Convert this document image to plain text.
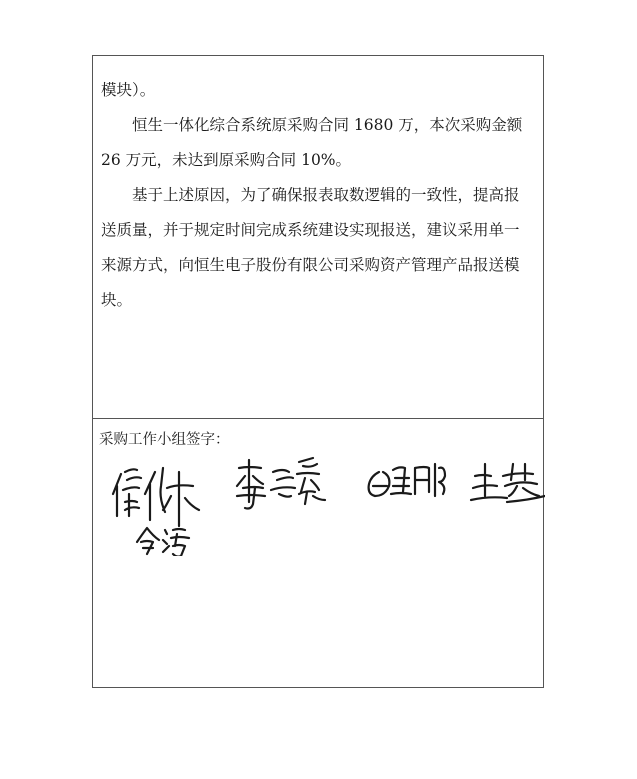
模块）。

恒生一体化综合系统原采购合同 1680 万，本次采购金额 26 万元，未达到原采购合同 10%。

基于上述原因，为了确保报表取数逻辑的一致性，提高报送质量，并于规定时间完成系统建设实现报送，建议采用单一来源方式，向恒生电子股份有限公司采购资产管理产品报送模块。

采购工作小组签字：
